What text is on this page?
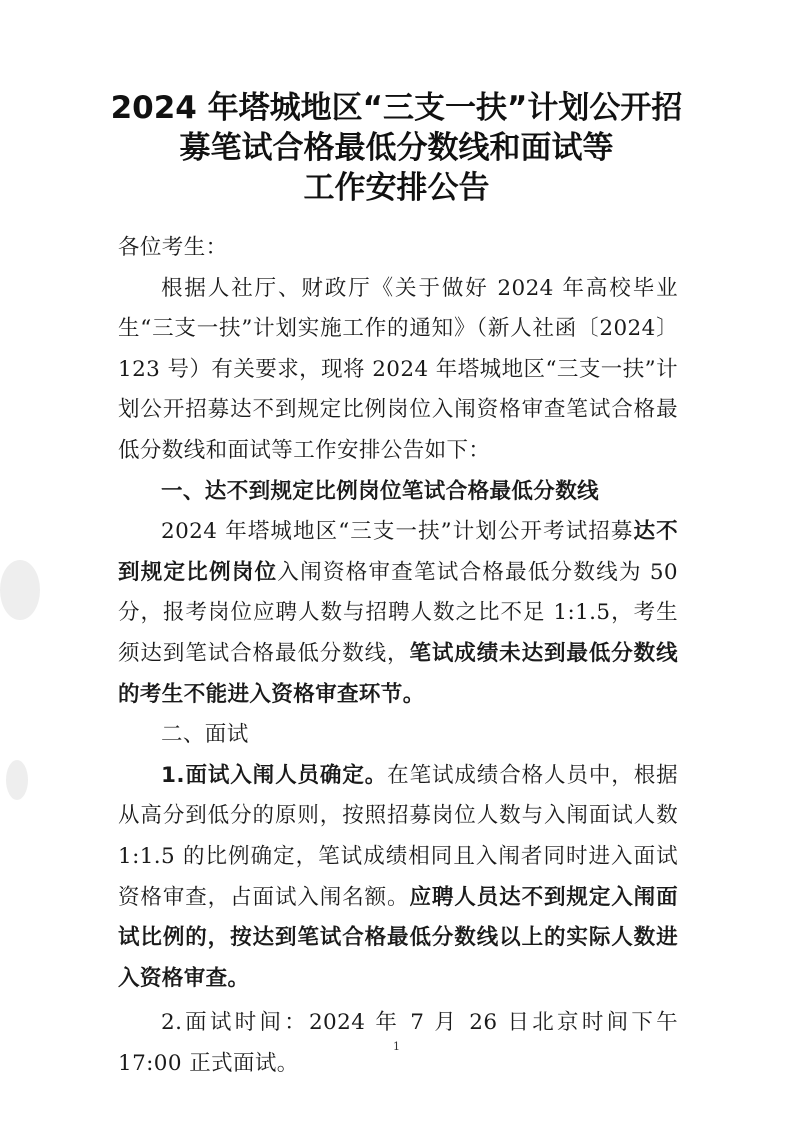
2024 年塔城地区“三支一扶”计划公开招
募笔试合格最低分数线和面试等
工作安排公告

各位考生：

根据人社厅、财政厅《关于做好 2024 年高校毕业生“三支一扶”计划实施工作的通知》（新人社函〔2024〕123 号）有关要求，现将 2024 年塔城地区“三支一扶”计划公开招募达不到规定比例岗位入闱资格审查笔试合格最低分数线和面试等工作安排公告如下：

一、达不到规定比例岗位笔试合格最低分数线

2024 年塔城地区“三支一扶”计划公开考试招募达不到规定比例岗位入闱资格审查笔试合格最低分数线为 50 分，报考岗位应聘人数与招聘人数之比不足 1:1.5，考生须达到笔试合格最低分数线，笔试成绩未达到最低分数线的考生不能进入资格审查环节。

二、面试

1.面试入闱人员确定。在笔试成绩合格人员中，根据从高分到低分的原则，按照招募岗位人数与入闱面试人数 1:1.5 的比例确定，笔试成绩相同且入闱者同时进入面试资格审查，占面试入闱名额。应聘人员达不到规定入闱面试比例的，按达到笔试合格最低分数线以上的实际人数进入资格审查。

2.面试时间：2024 年 7 月 26 日北京时间下午 17:00 正式面试。

1
